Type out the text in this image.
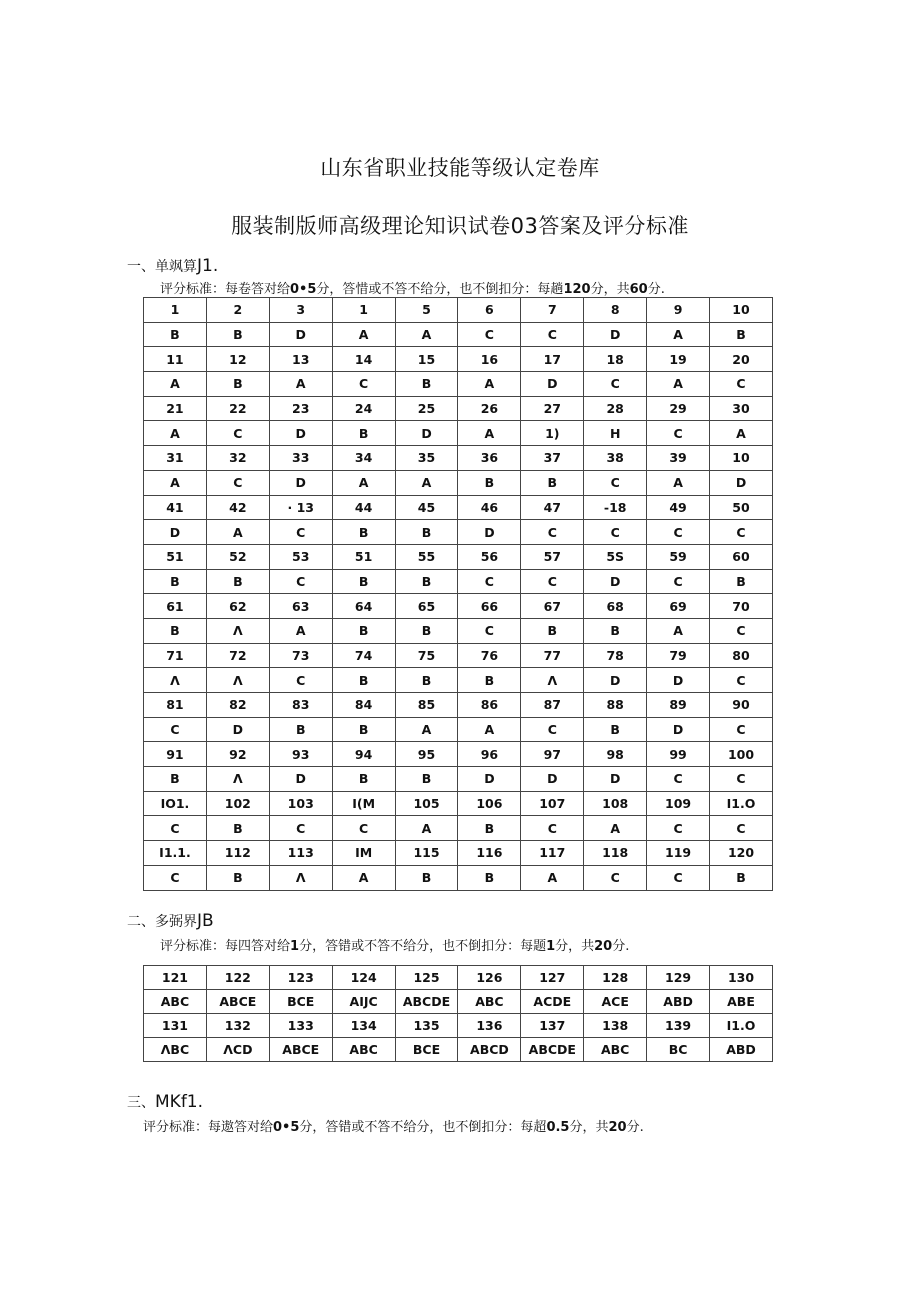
山东省职业技能等级认定卷库
服装制版师高级理论知识试卷03答案及评分标准
一、单飒算J1.
评分标准：每卷答对给0•5分，答惜或不答不给分，也不倒扣分：每趟120分，共60分.
1	2	3	1	5	6	7	8	9	10
B	B	D	A	A	C	C	D	A	B
11	12	13	14	15	16	17	18	19	20
A	B	A	C	B	A	D	C	A	C
21	22	23	24	25	26	27	28	29	30
A	C	D	B	D	A	1)	H	C	A
31	32	33	34	35	36	37	38	39	10
A	C	D	A	A	B	B	C	A	D
41	42	· 13	44	45	46	47	-18	49	50
D	A	C	B	B	D	C	C	C	C
51	52	53	51	55	56	57	5S	59	60
B	B	C	B	B	C	C	D	C	B
61	62	63	64	65	66	67	68	69	70
B	Λ	A	B	B	C	B	B	A	C
71	72	73	74	75	76	77	78	79	80
Λ	Λ	C	B	B	B	Λ	D	D	C
81	82	83	84	85	86	87	88	89	90
C	D	B	B	A	A	C	B	D	C
91	92	93	94	95	96	97	98	99	100
B	Λ	D	B	B	D	D	D	C	C
IO1.	102	103	I(M	105	106	107	108	109	I1.O
C	B	C	C	A	B	C	A	C	C
I1.1.	112	113	IM	115	116	117	118	119	120
C	B	Λ	A	B	B	A	C	C	B
二、多弼界JB
评分标准：每四答对给1分，答错或不答不给分，也不倒扣分：每题1分，共20分.
121	122	123	124	125	126	127	128	129	130
ABC	ABCE	BCE	AIJC	ABCDE	ABC	ACDE	ACE	ABD	ABE
131	132	133	134	135	136	137	138	139	I1.O
ΛBC	ΛCD	ABCE	ABC	BCE	ABCD	ABCDE	ABC	BC	ABD
三、MKf1.
评分标准：每遨答对给0•5分，答错或不答不给分，也不倒扣分：每超0.5分，共20分.
